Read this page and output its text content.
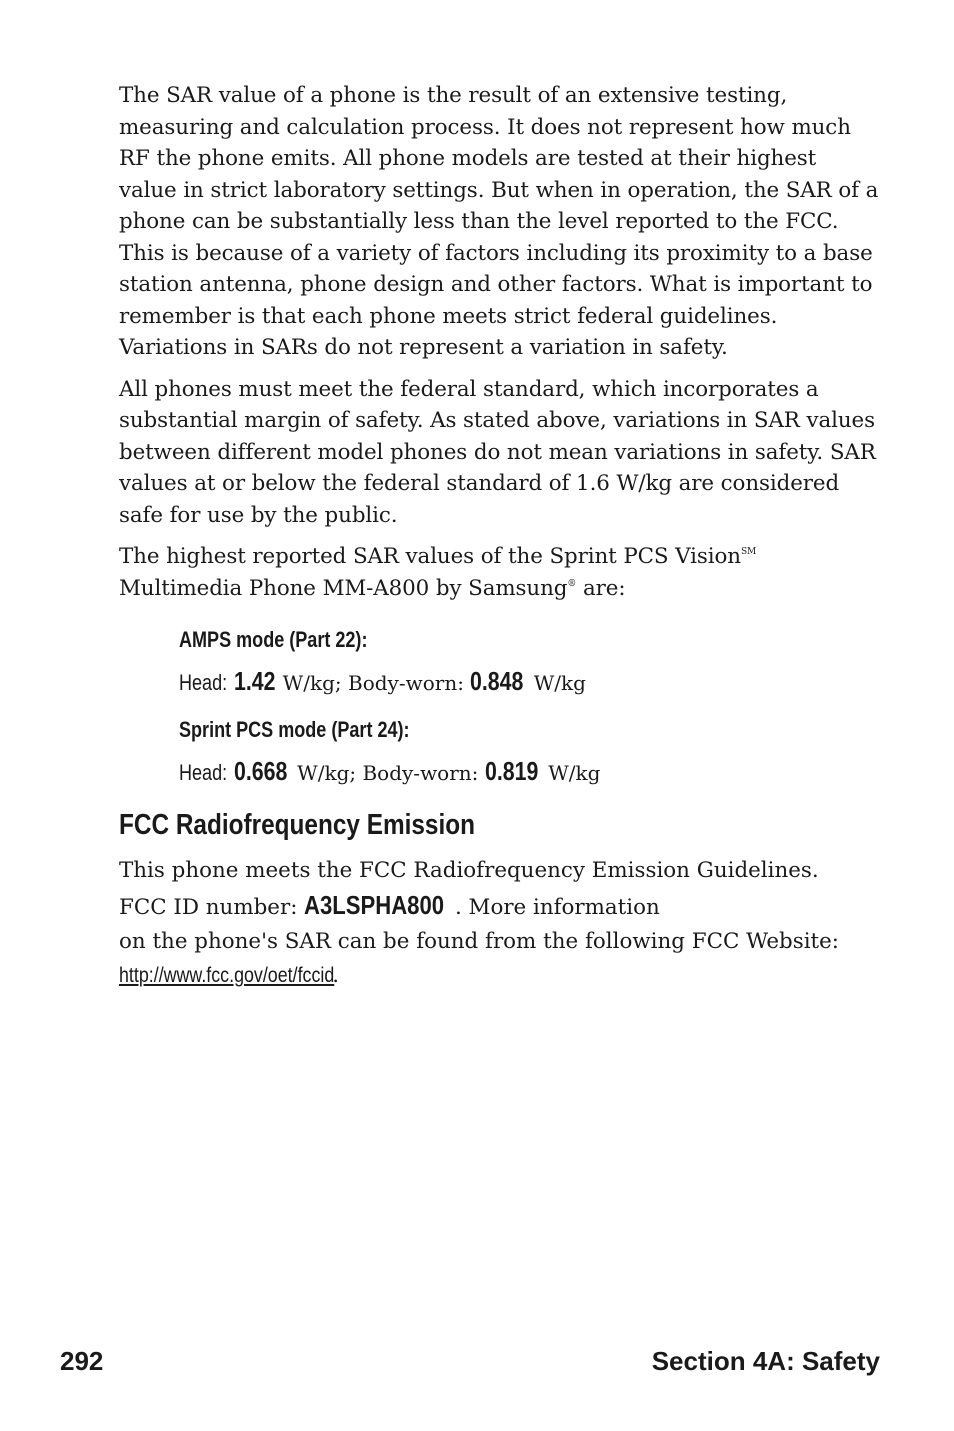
The SAR value of a phone is the result of an extensive testing, measuring and calculation process. It does not represent how much RF the phone emits. All phone models are tested at their highest value in strict laboratory settings. But when in operation, the SAR of a phone can be substantially less than the level reported to the FCC. This is because of a variety of factors including its proximity to a base station antenna, phone design and other factors. What is important to remember is that each phone meets strict federal guidelines. Variations in SARs do not represent a variation in safety.

All phones must meet the federal standard, which incorporates a substantial margin of safety. As stated above, variations in SAR values between different model phones do not mean variations in safety. SAR values at or below the federal standard of 1.6 W/kg are considered safe for use by the public.

The highest reported SAR values of the Sprint PCS Vision℠ Multimedia Phone MM-A800 by Samsung® are:

AMPS mode (Part 22):
Head:1.42 W/kg; Body-worn: 0.848 W/kg
Sprint PCS mode (Part 24):
Head: 0.668 W/kg; Body-worn: 0.819 W/kg
FCC Radiofrequency Emission

This phone meets the FCC Radiofrequency Emission Guidelines.

FCC ID number: A3LSPHA800 . More information

on the phone's SAR can be found from the following FCC Website:

http://www.fcc.gov/oet/fccid.

292	Section 4A: Safety
